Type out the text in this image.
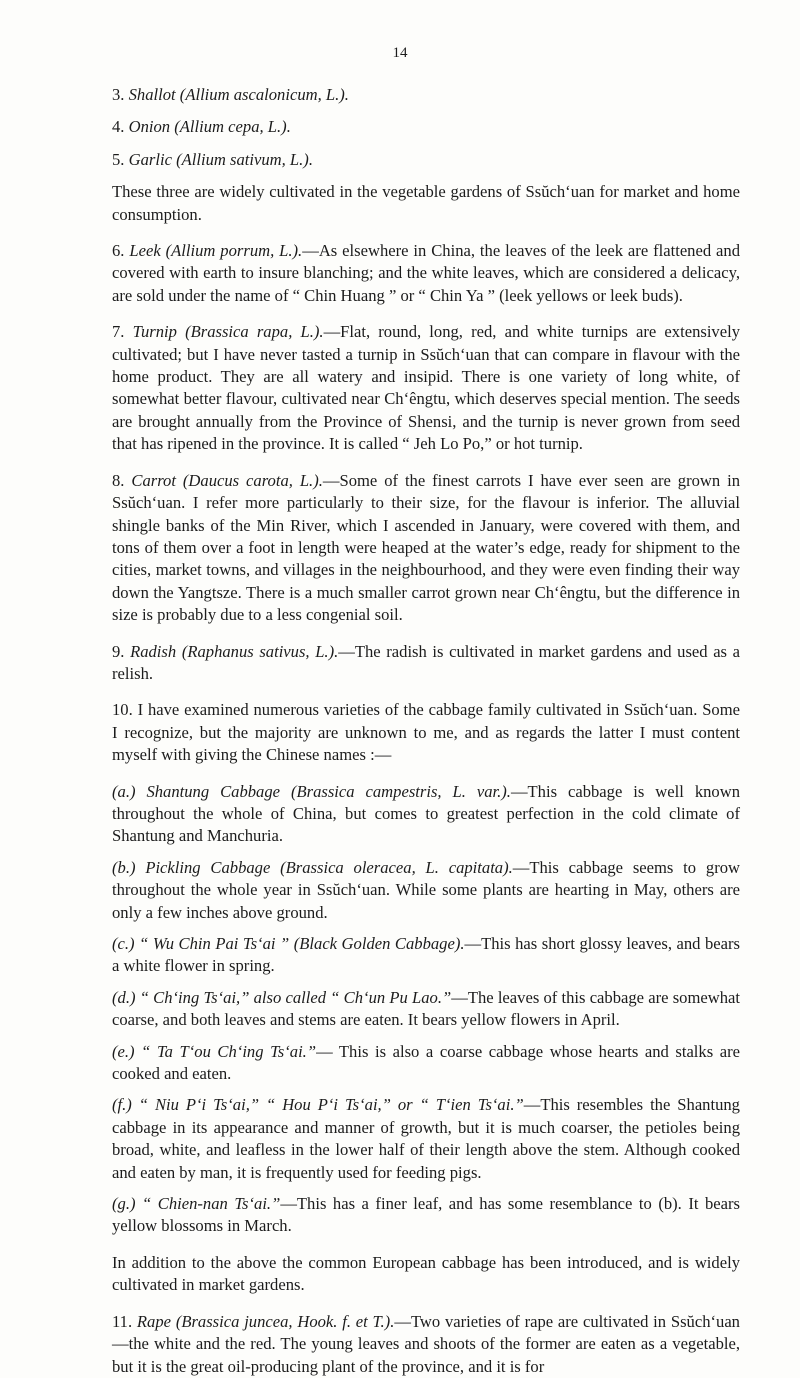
14

3. Shallot (Allium ascalonicum, L.).

4. Onion (Allium cepa, L.).

5. Garlic (Allium sativum, L.).

These three are widely cultivated in the vegetable gardens of Ssŭch‘uan for market and home consumption.

6. Leek (Allium porrum, L.).—As elsewhere in China, the leaves of the leek are flattened and covered with earth to insure blanching; and the white leaves, which are considered a delicacy, are sold under the name of “ Chin Huang ” or “ Chin Ya ” (leek yellows or leek buds).

7. Turnip (Brassica rapa, L.).—Flat, round, long, red, and white turnips are extensively cultivated; but I have never tasted a turnip in Ssŭch‘uan that can compare in flavour with the home product. They are all watery and insipid. There is one variety of long white, of somewhat better flavour, cultivated near Ch‘êngtu, which deserves special mention. The seeds are brought annually from the Province of Shensi, and the turnip is never grown from seed that has ripened in the province. It is called “ Jeh Lo Po,” or hot turnip.

8. Carrot (Daucus carota, L.).—Some of the finest carrots I have ever seen are grown in Ssŭch‘uan. I refer more particularly to their size, for the flavour is inferior. The alluvial shingle banks of the Min River, which I ascended in January, were covered with them, and tons of them over a foot in length were heaped at the water’s edge, ready for shipment to the cities, market towns, and villages in the neighbourhood, and they were even finding their way down the Yangtsze. There is a much smaller carrot grown near Ch‘êngtu, but the difference in size is probably due to a less congenial soil.

9. Radish (Raphanus sativus, L.).—The radish is cultivated in market gardens and used as a relish.

10. I have examined numerous varieties of the cabbage family cultivated in Ssŭch‘uan. Some I recognize, but the majority are unknown to me, and as regards the latter I must content myself with giving the Chinese names :—

(a.) Shantung Cabbage (Brassica campestris, L. var.).—This cabbage is well known throughout the whole of China, but comes to greatest perfection in the cold climate of Shantung and Manchuria.

(b.) Pickling Cabbage (Brassica oleracea, L. capitata).—This cabbage seems to grow throughout the whole year in Ssŭch‘uan. While some plants are hearting in May, others are only a few inches above ground.

(c.) “ Wu Chin Pai Ts‘ai ” (Black Golden Cabbage).—This has short glossy leaves, and bears a white flower in spring.

(d.) “ Ch‘ing Ts‘ai,” also called “ Ch‘un Pu Lao.”—The leaves of this cabbage are somewhat coarse, and both leaves and stems are eaten. It bears yellow flowers in April.

(e.) “ Ta T‘ou Ch‘ing Ts‘ai.”— This is also a coarse cabbage whose hearts and stalks are cooked and eaten.

(f.) “ Niu P‘i Ts‘ai,” “ Hou P‘i Ts‘ai,” or “ T‘ien Ts‘ai.”—This resembles the Shantung cabbage in its appearance and manner of growth, but it is much coarser, the petioles being broad, white, and leafless in the lower half of their length above the stem. Although cooked and eaten by man, it is frequently used for feeding pigs.

(g.) “ Chien-nan Ts‘ai.”—This has a finer leaf, and has some resemblance to (b). It bears yellow blossoms in March.

In addition to the above the common European cabbage has been introduced, and is widely cultivated in market gardens.

11. Rape (Brassica juncea, Hook. f. et T.).—Two varieties of rape are cultivated in Ssŭch‘uan—the white and the red. The young leaves and shoots of the former are eaten as a vegetable, but it is the great oil-producing plant of the province, and it is for
